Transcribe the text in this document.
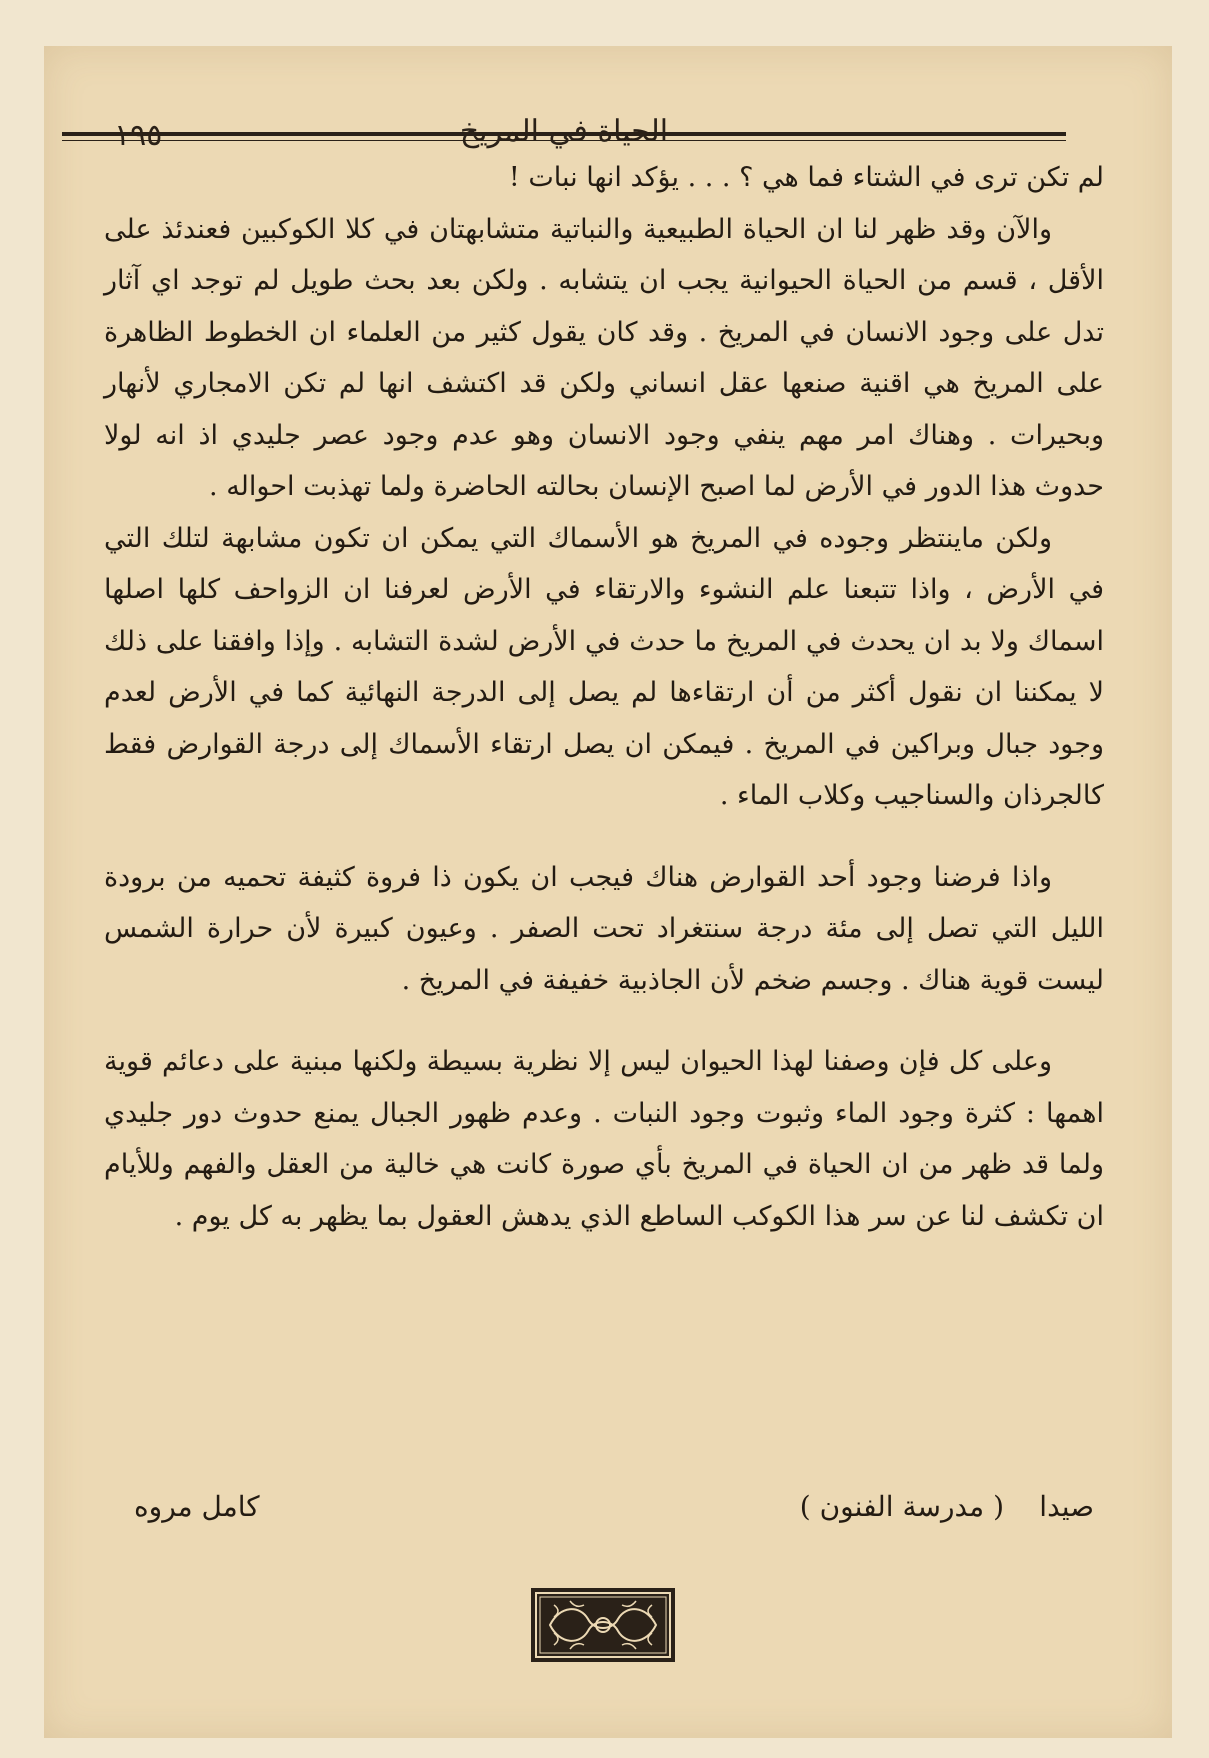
لم تكن ترى في الشتاء فما هي ؟ . . . يؤكد انها نبات !

والآن وقد ظهر لنا ان الحياة الطبيعية والنباتية متشابهتان في كلا الكوكبين فعندئذ على الأقل ، قسم من الحياة الحيوانية يجب ان يتشابه . ولكن بعد بحث طويل لم توجد اي آثار تدل على وجود الانسان في المريخ . وقد كان يقول كثير من العلماء ان الخطوط الظاهرة على المريخ هي اقنية صنعها عقل انساني ولكن قد اكتشف انها لم تكن الامجاري لأنهار وبحيرات . وهناك امر مهم ينفي وجود الانسان وهو عدم وجود عصر جليدي اذ انه لولا حدوث هذا الدور في الأرض لما اصبح الإنسان بحالته الحاضرة ولما تهذبت احواله .

ولكن ماينتظر وجوده في المريخ هو الأسماك التي يمكن ان تكون مشابهة لتلك التي في الأرض ، واذا تتبعنا علم النشوء والارتقاء في الأرض لعرفنا ان الزواحف كلها اصلها اسماك ولا بد ان يحدث في المريخ ما حدث في الأرض لشدة التشابه . وإذا وافقنا على ذلك لا يمكننا ان نقول أكثر من أن ارتقاءها لم يصل إلى الدرجة النهائية كما في الأرض لعدم وجود جبال وبراكين في المريخ . فيمكن ان يصل ارتقاء الأسماك إلى درجة القوارض فقط كالجرذان والسناجيب وكلاب الماء .

واذا فرضنا وجود أحد القوارض هناك فيجب ان يكون ذا فروة كثيفة تحميه من برودة الليل التي تصل إلى مئة درجة سنتغراد تحت الصفر . وعيون كبيرة لأن حرارة الشمس ليست قوية هناك . وجسم ضخم لأن الجاذبية خفيفة في المريخ .

وعلى كل فإن وصفنا لهذا الحيوان ليس إلا نظرية بسيطة ولكنها مبنية على دعائم قوية اهمها : كثرة وجود الماء وثبوت وجود النبات . وعدم ظهور الجبال يمنع حدوث دور جليدي ولما قد ظهر من ان الحياة في المريخ بأي صورة كانت هي خالية من العقل والفهم وللأيام ان تكشف لنا عن سر هذا الكوكب الساطع الذي يدهش العقول بما يظهر به كل يوم .

صيدا
( مدرسة الفنون )
كامل مروه
